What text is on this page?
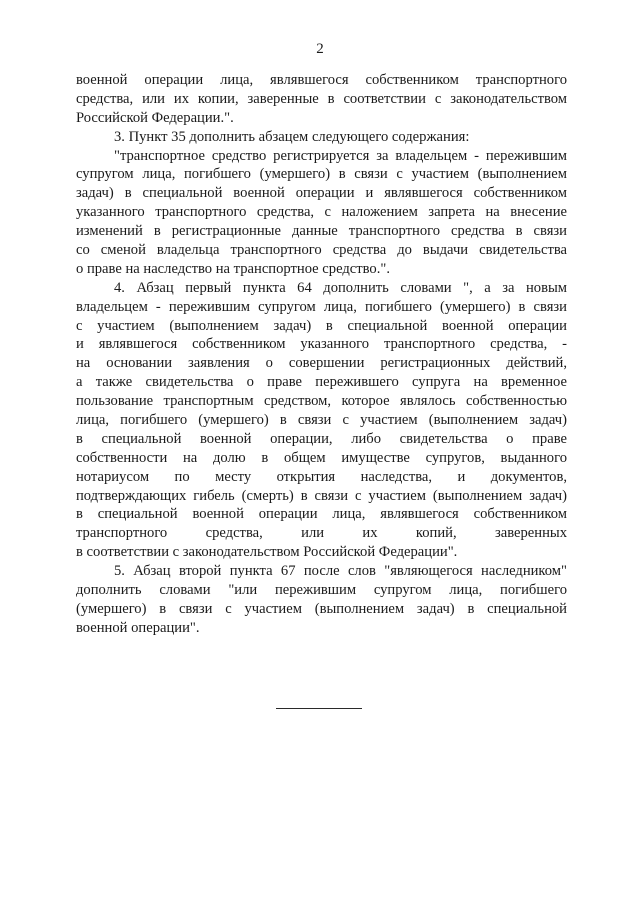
2
военной операции лица, являвшегося собственником транспортного
средства, или их копии, заверенные в соответствии с законодательством
Российской Федерации.".
3. Пункт 35 дополнить абзацем следующего содержания:
"транспортное средство регистрируется за владельцем - пережившим
супругом лица, погибшего (умершего) в связи с участием (выполнением
задач) в специальной военной операции и являвшегося собственником
указанного транспортного средства, с наложением запрета на внесение
изменений в регистрационные данные транспортного средства в связи
со сменой владельца транспортного средства до выдачи свидетельства
о праве на наследство на транспортное средство.".
4. Абзац первый пункта 64 дополнить словами ", а за новым
владельцем - пережившим супругом лица, погибшего (умершего) в связи
с участием (выполнением задач) в специальной военной операции
и являвшегося собственником указанного транспортного средства, -
на основании заявления о совершении регистрационных действий,
а также свидетельства о праве пережившего супруга на временное
пользование транспортным средством, которое являлось собственностью
лица, погибшего (умершего) в связи с участием (выполнением задач)
в специальной военной операции, либо свидетельства о праве
собственности на долю в общем имуществе супругов, выданного
нотариусом по месту открытия наследства, и документов,
подтверждающих гибель (смерть) в связи с участием (выполнением задач)
в специальной военной операции лица, являвшегося собственником
транспортного средства, или их копий, заверенных
в соответствии с законодательством Российской Федерации".
5. Абзац второй пункта 67 после слов "являющегося наследником"
дополнить словами "или пережившим супругом лица, погибшего
(умершего) в связи с участием (выполнением задач) в специальной
военной операции".
